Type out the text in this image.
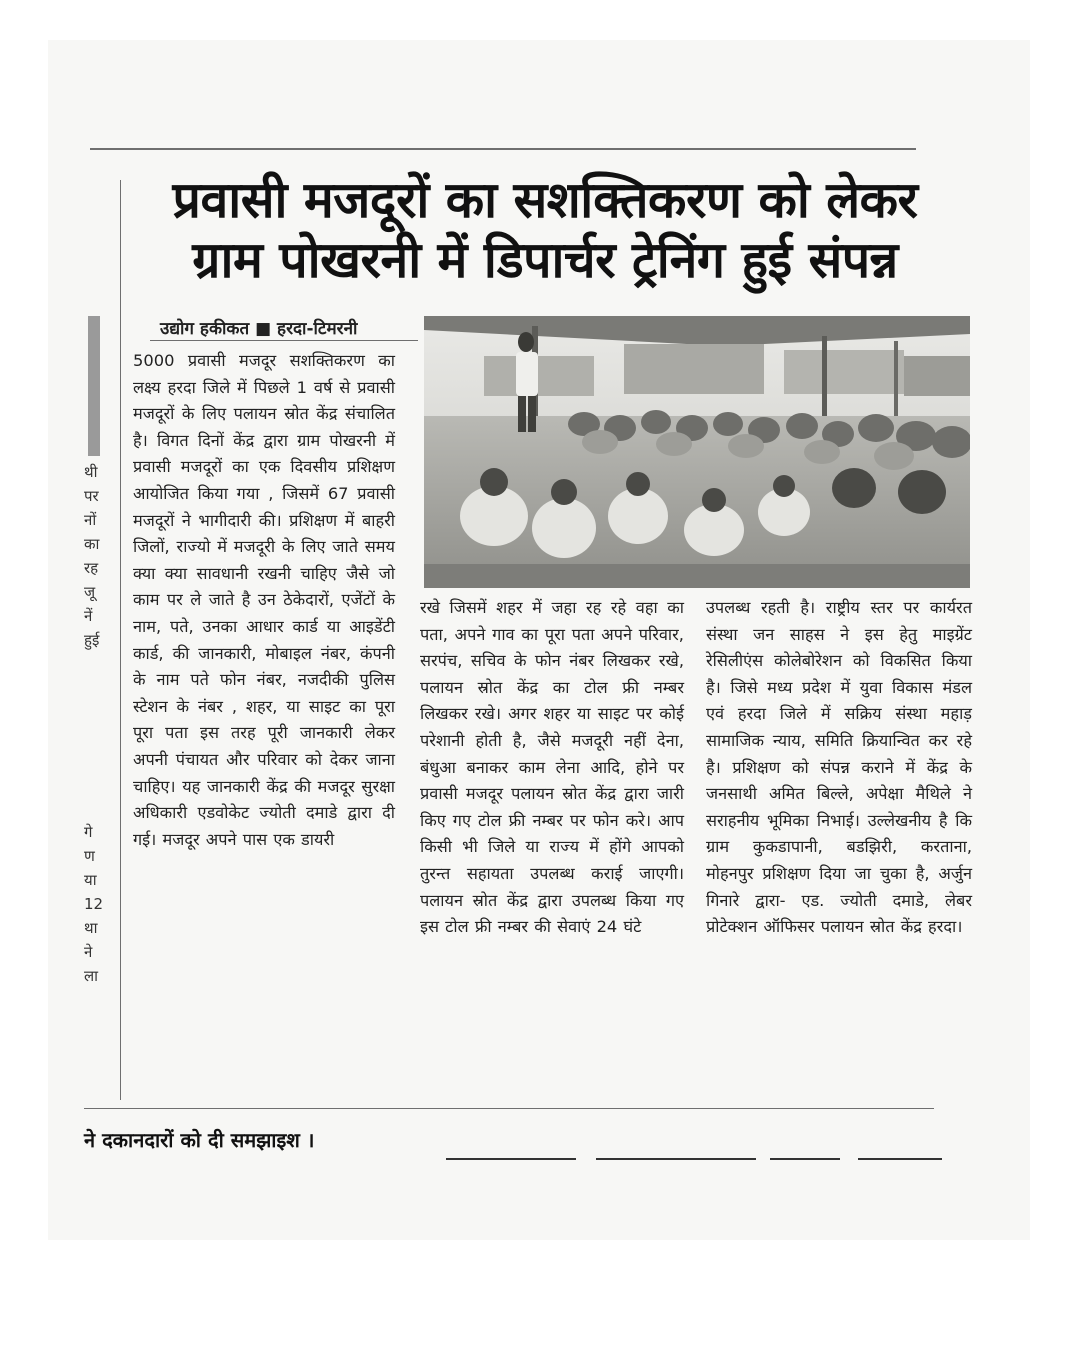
प्रवासी मजदूरों का सशक्तिकरण को लेकर
ग्राम पोखरनी में डिपार्चर ट्रेनिंग हुई संपन्न
उद्योग हकीकत ■ हरदा-टिमरनी
5000 प्रवासी मजदूर सशक्तिकरण का लक्ष्य हरदा जिले में पिछले 1 वर्ष से प्रवासी मजदूरों के लिए पलायन स्रोत केंद्र संचालित है। विगत दिनों केंद्र द्वारा ग्राम पोखरनी में प्रवासी मजदूरों का एक दिवसीय प्रशिक्षण आयोजित किया गया , जिसमें 67 प्रवासी मजदूरों ने भागीदारी की। प्रशिक्षण में बाहरी जिलों, राज्यो में मजदूरी के लिए जाते समय क्या क्या सावधानी रखनी चाहिए जैसे जो काम पर ले जाते है उन ठेकेदारों, एजेंटों के नाम, पते, उनका आधार कार्ड या आइडेंटी कार्ड, की जानकारी, मोबाइल नंबर, कंपनी के नाम पते फोन नंबर, नजदीकी पुलिस स्टेशन के नंबर , शहर, या साइट का पूरा पूरा पता इस तरह पूरी जानकारी लेकर अपनी पंचायत और परिवार को देकर जाना चाहिए। यह जानकारी केंद्र की मजदूर सुरक्षा अधिकारी एडवोकेट ज्योती दमाडे द्वारा दी गई। मजदूर अपने पास एक डायरी
रखे जिसमें शहर में जहा रह रहे वहा का पता, अपने गाव का पूरा पता अपने परिवार, सरपंच, सचिव के फोन नंबर लिखकर रखे, पलायन स्रोत केंद्र का टोल फ्री नम्बर लिखकर रखे। अगर शहर या साइट पर कोई परेशानी होती है, जैसे मजदूरी नहीं देना, बंधुआ बनाकर काम लेना आदि, होने पर प्रवासी मजदूर पलायन स्रोत केंद्र द्वारा जारी किए गए टोल फ्री नम्बर पर फोन करे। आप किसी भी जिले या राज्य में होंगे आपको तुरन्त सहायता उपलब्ध कराई जाएगी। पलायन स्रोत केंद्र द्वारा उपलब्ध किया गए इस टोल फ्री नम्बर की सेवाएं 24 घंटे
उपलब्ध रहती है। राष्ट्रीय स्तर पर कार्यरत संस्था जन साहस ने इस हेतु माइग्रेंट रेसिलीएंस कोलेबोरेशन को विकसित किया है। जिसे मध्य प्रदेश में युवा विकास मंडल एवं हरदा जिले में सक्रिय संस्था महाड़ सामाजिक न्याय, समिति क्रियान्वित कर रहे है। प्रशिक्षण को संपन्न कराने में केंद्र के जनसाथी अमित बिल्ले, अपेक्षा मैथिले ने सराहनीय भूमिका निभाई। उल्लेखनीय है कि ग्राम कुकडापानी, बडझिरी, करताना, मोहनपुर प्रशिक्षण दिया जा चुका है, अर्जुन गिनारे द्वारा- एड. ज्योती दमाडे, लेबर प्रोटेक्शन ऑफिसर पलायन स्रोत केंद्र हरदा।
थी
पर
नों
का
रह
जू
नें
हुई
गे
ण
या
12
था
ने
ला
ने दकानदारों को दी समझाइश ।
